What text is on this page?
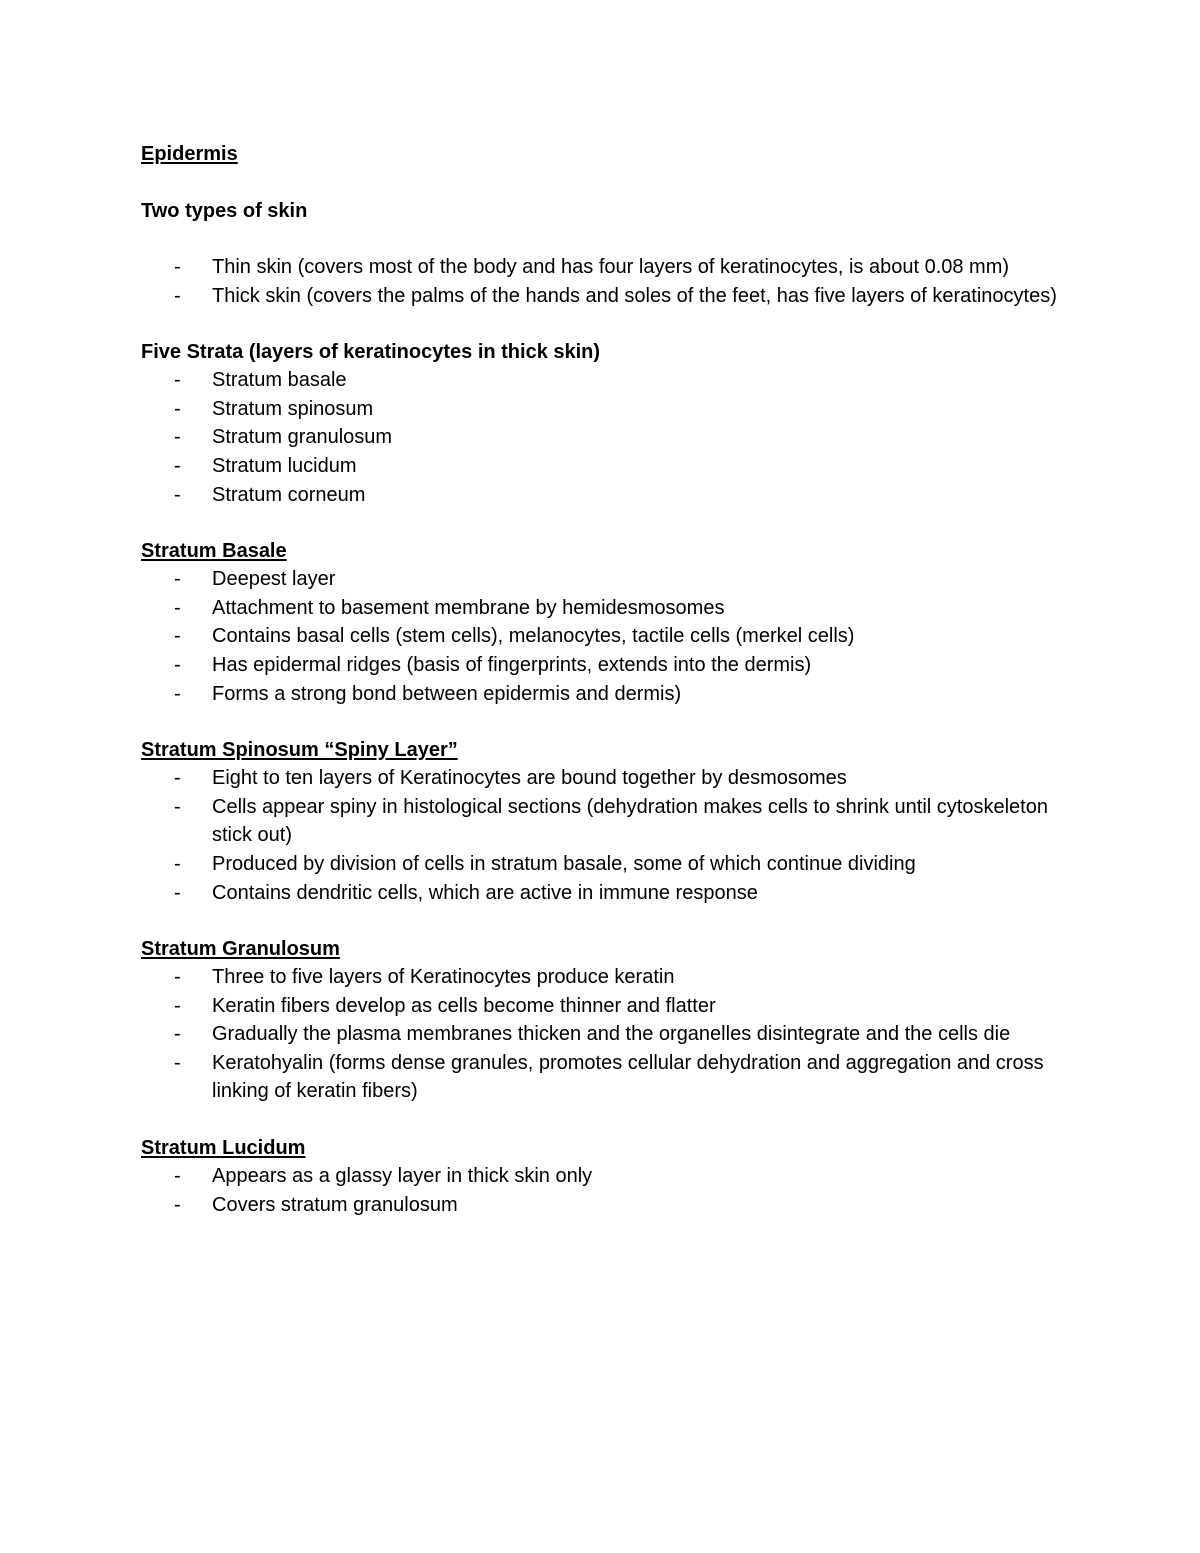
Epidermis

Two types of skin

- Thin skin (covers most of the body and has four layers of keratinocytes, is about 0.08 mm)
- Thick skin (covers the palms of the hands and soles of the feet, has five layers of keratinocytes)

Five Strata (layers of keratinocytes in thick skin)

- Stratum basale
- Stratum spinosum
- Stratum granulosum
- Stratum lucidum
- Stratum corneum

Stratum Basale

- Deepest layer
- Attachment to basement membrane by hemidesmosomes
- Contains basal cells (stem cells), melanocytes, tactile cells (merkel cells)
- Has epidermal ridges (basis of fingerprints, extends into the dermis)
- Forms a strong bond between epidermis and dermis)

Stratum Spinosum “Spiny Layer”

- Eight to ten layers of Keratinocytes are bound together by desmosomes
- Cells appear spiny in histological sections (dehydration makes cells to shrink until cytoskeleton stick out)
- Produced by division of cells in stratum basale, some of which continue dividing
- Contains dendritic cells, which are active in immune response

Stratum Granulosum

- Three to five layers of Keratinocytes produce keratin
- Keratin fibers develop as cells become thinner and flatter
- Gradually the plasma membranes thicken and the organelles disintegrate and the cells die
- Keratohyalin (forms dense granules, promotes cellular dehydration and aggregation and cross linking of keratin fibers)

Stratum Lucidum

- Appears as a glassy layer in thick skin only
- Covers stratum granulosum
